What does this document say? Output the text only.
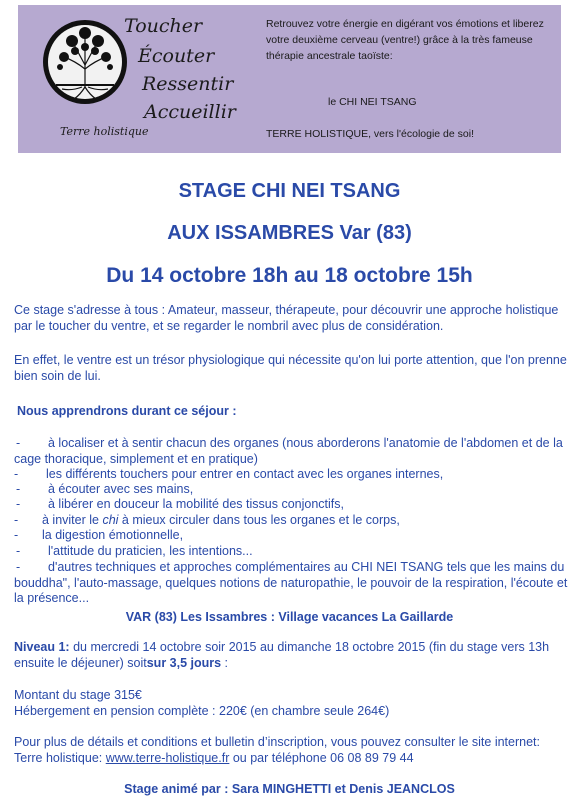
Toucher
Écouter
Ressentir
Accueillir
Terre holistique
Retrouvez votre énergie en digérant vos émotions et liberez votre deuxième cerveau (ventre!) grâce à la très fameuse thérapie ancestrale taoïste:
le CHI NEI TSANG
TERRE HOLISTIQUE, vers l'écologie de soi!
STAGE CHI NEI TSANG
AUX ISSAMBRES Var (83)
Du 14 octobre 18h au 18 octobre 15h
Ce stage s'adresse à tous : Amateur, masseur, thérapeute, pour découvrir une approche holistique par le toucher du ventre, et se regarder le nombril avec plus de considération.
En effet, le ventre est un trésor physiologique qui nécessite qu'on lui porte attention, que l'on prenne bien soin de lui.
Nous apprendrons durant ce séjour :
- à localiser et à sentir chacun des organes (nous aborderons l'anatomie de l'abdomen et de la cage thoracique, simplement et en pratique)
- les différents touchers pour entrer en contact avec les organes internes,
- à écouter avec ses mains,
- à libérer en douceur la mobilité des tissus conjonctifs,
- à inviter le chi à mieux circuler dans tous les organes et le corps,
- la digestion émotionnelle,
- l'attitude du praticien, les intentions...
- d'autres techniques et approches complémentaires au CHI NEI TSANG tels que les mains du bouddha", l'auto-massage, quelques notions de naturopathie, le pouvoir de la respiration, l'écoute et la présence...
VAR (83) Les Issambres : Village vacances La Gaillarde
Niveau 1: du mercredi 14 octobre soir 2015 au dimanche 18 octobre 2015 (fin du stage vers 13h ensuite le déjeuner) soitsur 3,5 jours :
Montant du stage 315€
Hébergement en pension complète : 220€ (en chambre seule 264€)
Pour plus de détails et conditions et bulletin d’inscription, vous pouvez consulter le site internet: Terre holistique: www.terre-holistique.fr ou par téléphone 06 08 89 79 44
Stage animé par : Sara MINGHETTI et Denis JEANCLOS
